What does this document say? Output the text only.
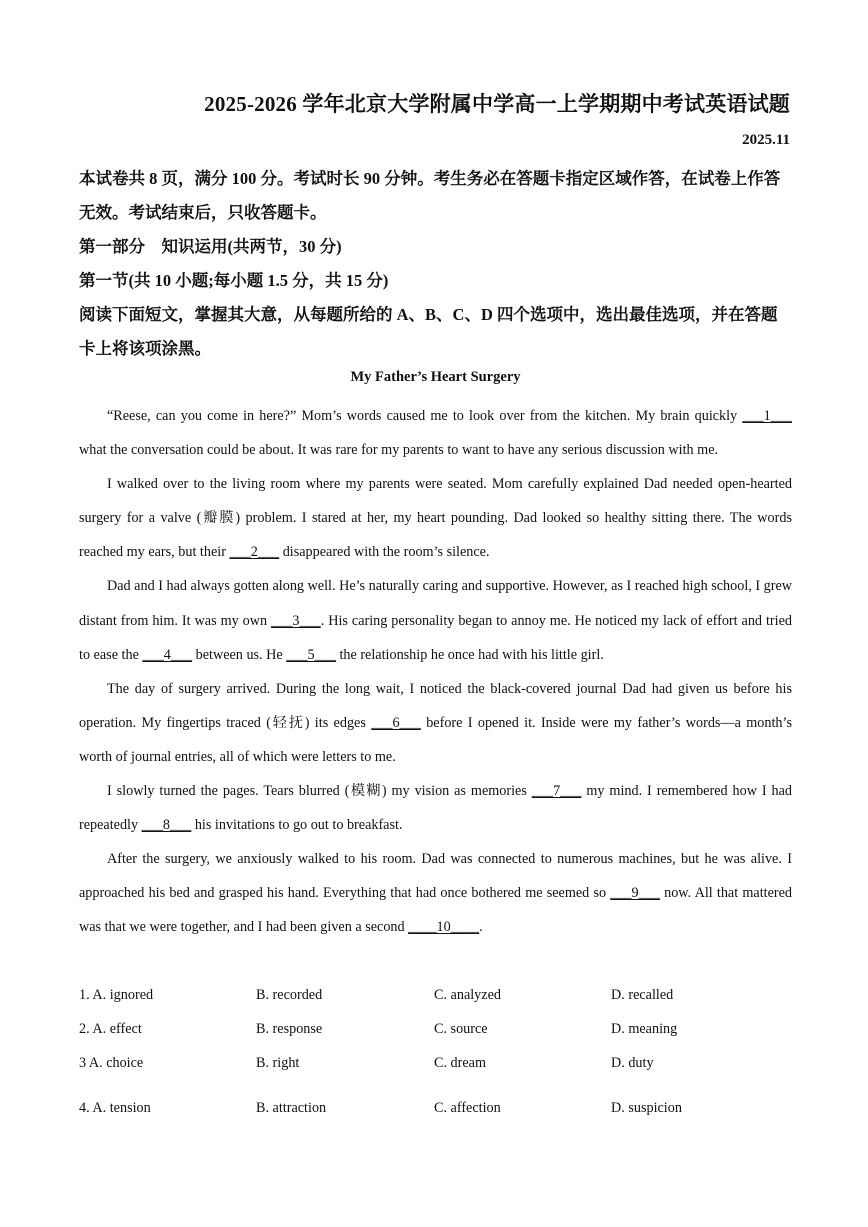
2025-2026 学年北京大学附属中学高一上学期期中考试英语试题
2025.11

本试卷共 8 页，满分 100 分。考试时长 90 分钟。考生务必在答题卡指定区域作答，在试卷上作答无效。考试结束后，只收答题卡。

第一部分　知识运用(共两节，30 分)

第一节(共 10 小题;每小题 1.5 分，共 15 分)

阅读下面短文，掌握其大意，从每题所给的 A、B、C、D 四个选项中，选出最佳选项，并在答题卡上将该项涂黑。

My Father’s Heart Surgery

“Reese, can you come in here?” Mom’s words caused me to look over from the kitchen. My brain quickly ___1___ what the conversation could be about. It was rare for my parents to want to have any serious discussion with me.

I walked over to the living room where my parents were seated. Mom carefully explained Dad needed open-hearted surgery for a valve (瓣膜) problem. I stared at her, my heart pounding. Dad looked so healthy sitting there. The words reached my ears, but their ___2___ disappeared with the room’s silence.

Dad and I had always gotten along well. He’s naturally caring and supportive. However, as I reached high school, I grew distant from him. It was my own ___3___. His caring personality began to annoy me. He noticed my lack of effort and tried to ease the ___4___ between us. He ___5___ the relationship he once had with his little girl.

The day of surgery arrived. During the long wait, I noticed the black-covered journal Dad had given us before his operation. My fingertips traced (轻抚) its edges ___6___ before I opened it. Inside were my father’s words—a month’s worth of journal entries, all of which were letters to me.

I slowly turned the pages. Tears blurred (模糊) my vision as memories ___7___ my mind. I remembered how I had repeatedly ___8___ his invitations to go out to breakfast.

After the surgery, we anxiously walked to his room. Dad was connected to numerous machines, but he was alive. I approached his bed and grasped his hand. Everything that had once bothered me seemed so ___9___ now. All that mattered was that we were together, and I had been given a second ____10____.

1. A. ignored	B. recorded	C. analyzed	D. recalled
2. A. effect	B. response	C. source	D. meaning
3 A. choice	B. right	C. dream	D. duty
4. A. tension	B. attraction	C. affection	D. suspicion
